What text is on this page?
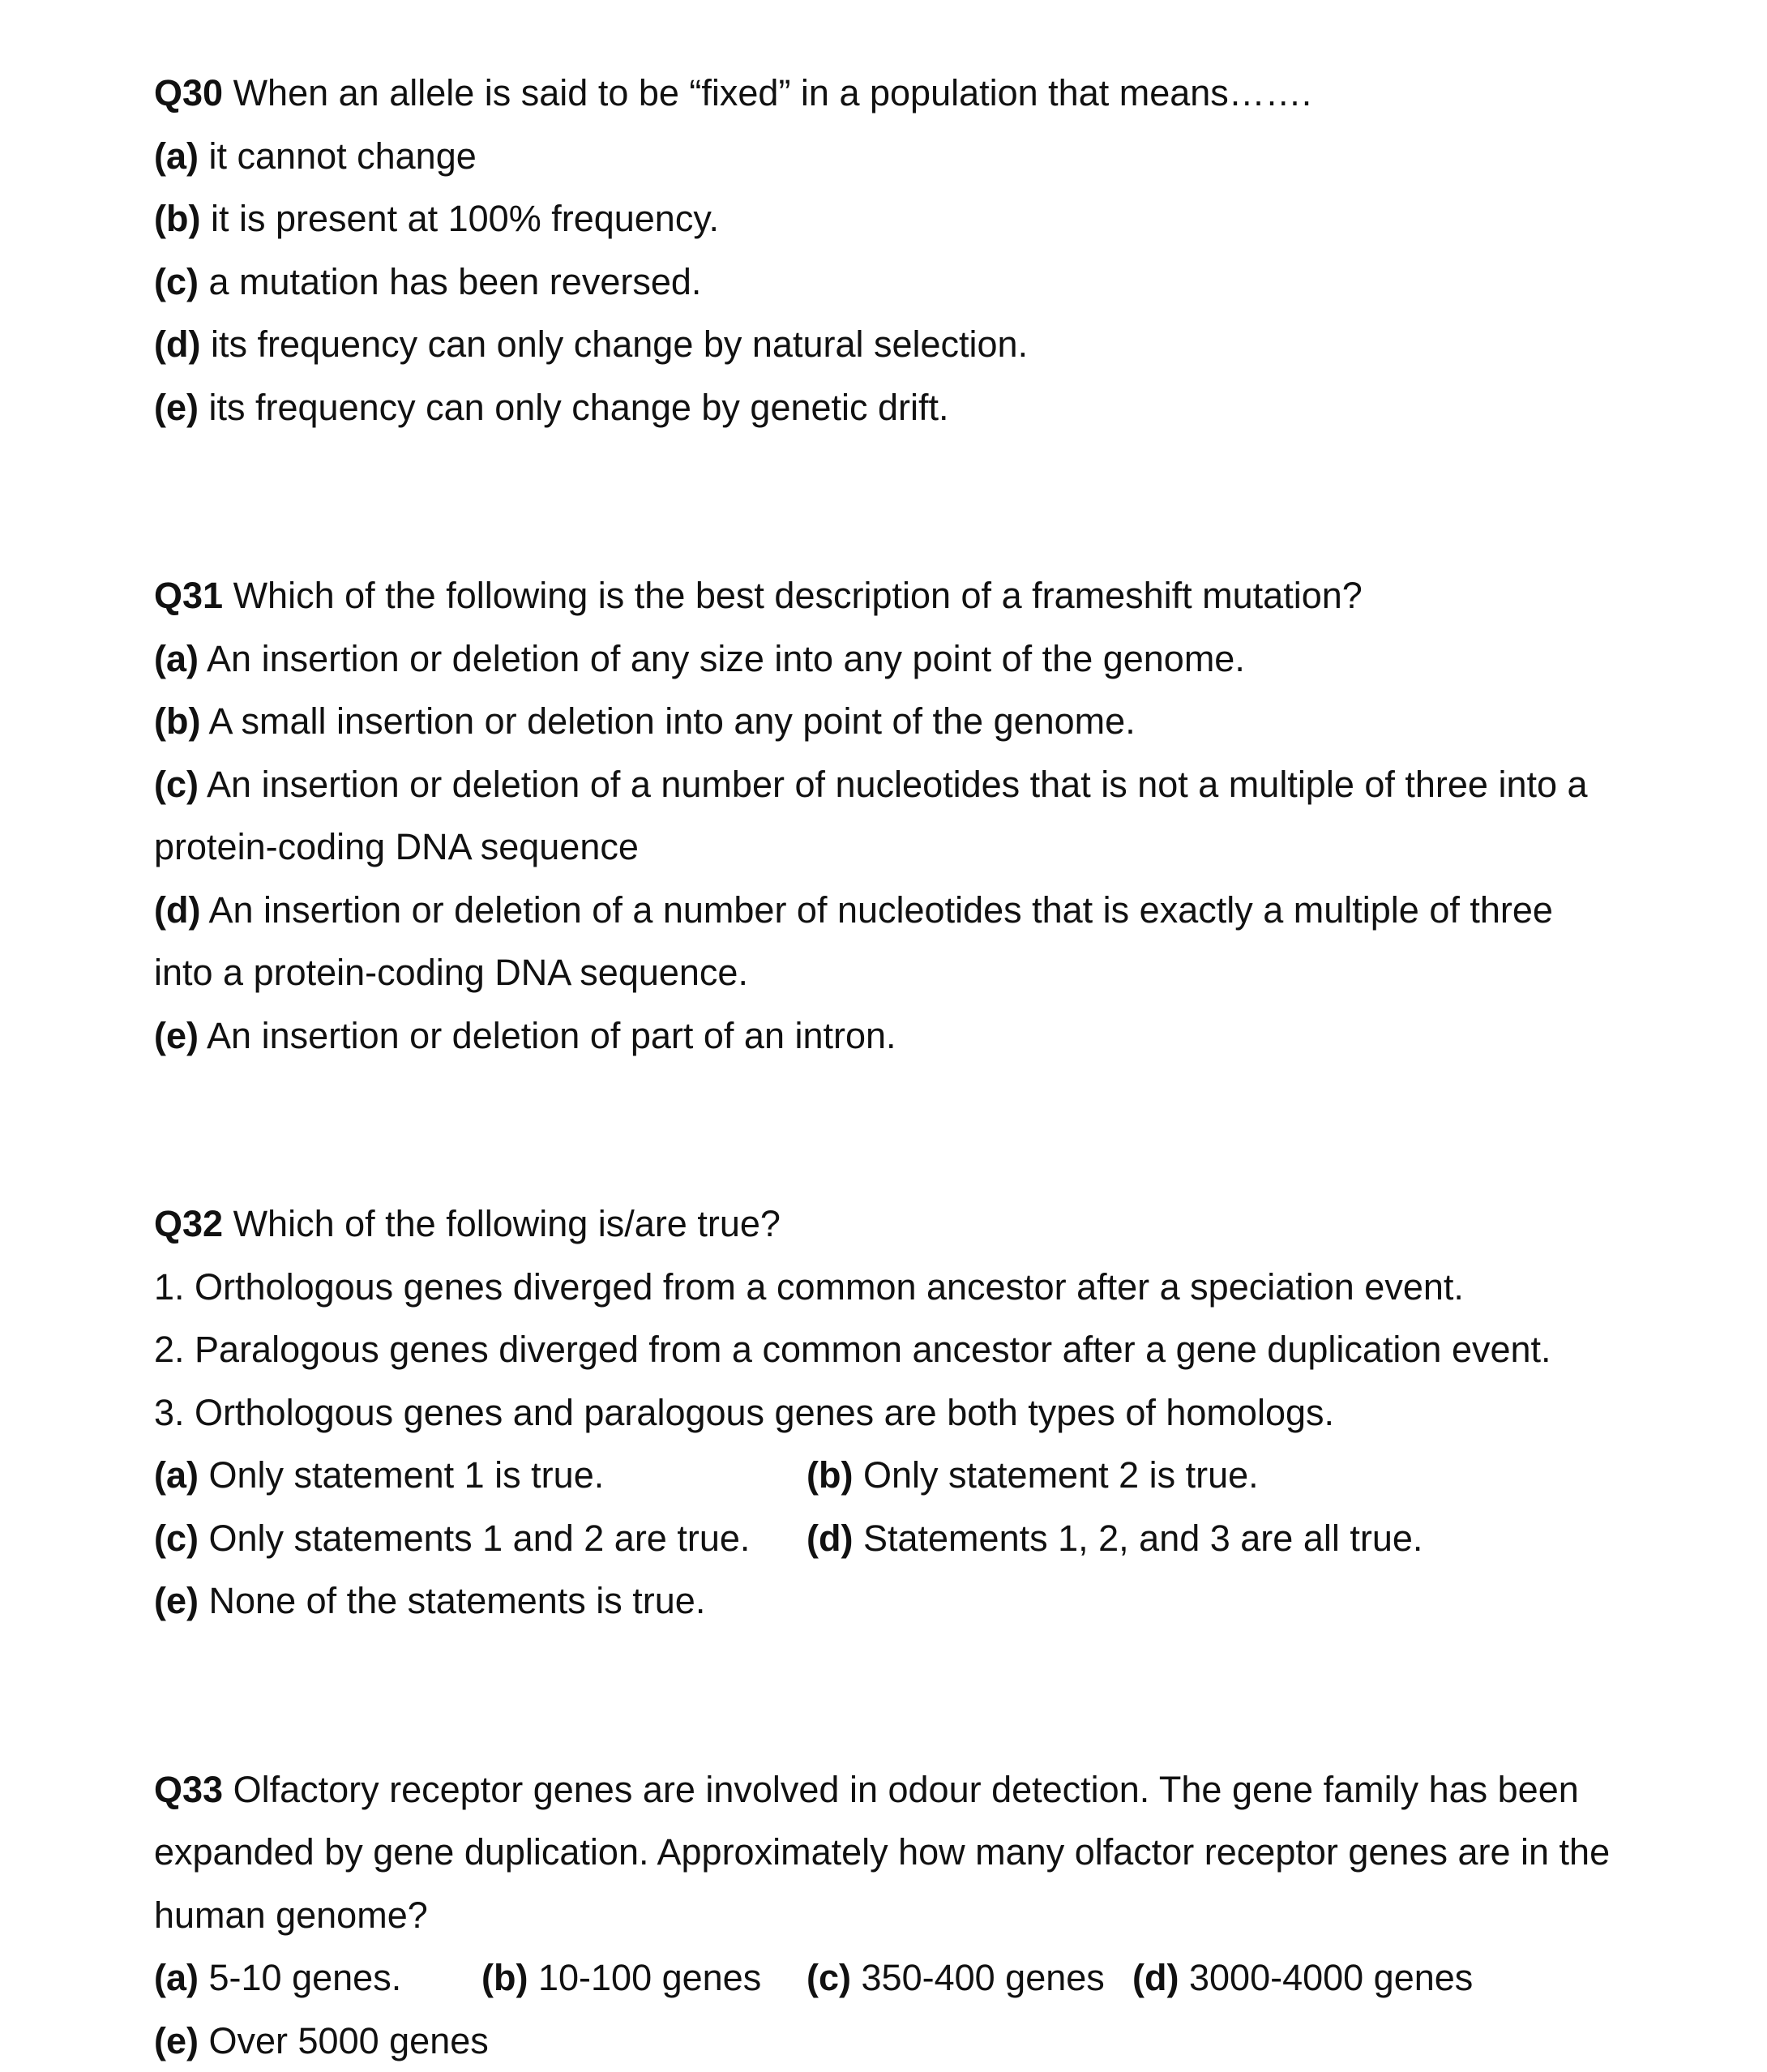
Q30 When an allele is said to be “fixed” in a population that means…….
(a) it cannot change
(b) it is present at 100% frequency.
(c) a mutation has been reversed.
(d) its frequency can only change by natural selection.
(e) its frequency can only change by genetic drift.
Q31 Which of the following is the best description of a frameshift mutation?
(a) An insertion or deletion of any size into any point of the genome.
(b) A small insertion or deletion into any point of the genome.
(c) An insertion or deletion of a number of nucleotides that is not a multiple of three into a
protein-coding DNA sequence
(d) An insertion or deletion of a number of nucleotides that is exactly a multiple of three
into a protein-coding DNA sequence.
(e) An insertion or deletion of part of an intron.
Q32 Which of the following is/are true?
1. Orthologous genes diverged from a common ancestor after a speciation event.
2. Paralogous genes diverged from a common ancestor after a gene duplication event.
3. Orthologous genes and paralogous genes are both types of homologs.
(a) Only statement 1 is true.	(b) Only statement 2 is true.
(c) Only statements 1 and 2 are true. (d) Statements 1, 2, and 3 are all true.
(e) None of the statements is true.
Q33 Olfactory receptor genes are involved in odour detection. The gene family has been
expanded by gene duplication. Approximately how many olfactor receptor genes are in the
human genome?
(a) 5-10 genes. (b) 10-100 genes (c) 350-400 genes (d) 3000-4000 genes
(e) Over 5000 genes
